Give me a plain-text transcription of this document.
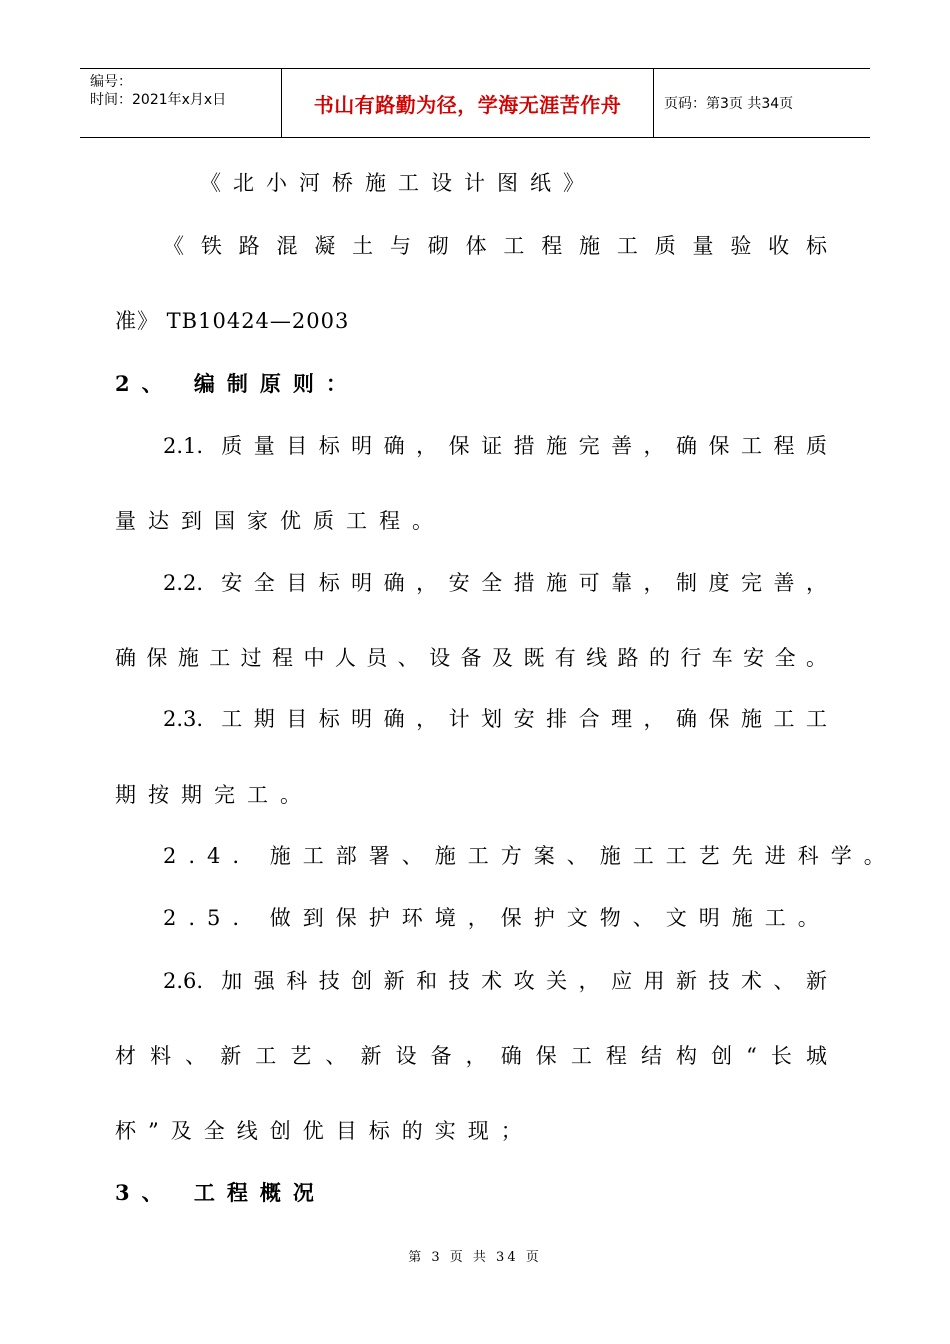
编号：
时间：2021年x月x日	书山有路勤为径，学海无涯苦作舟	页码：第3页 共34页
《北小河桥施工设计图纸》
《铁路混凝土与砌体工程施工质量验收标
准》 TB10424—2003
2、 编制原则：
2.1. 质量目标明确，保证措施完善，确保工程质
量达到国家优质工程。
2.2. 安全目标明确，安全措施可靠，制度完善，
确保施工过程中人员、设备及既有线路的行车安全。
2.3. 工期目标明确，计划安排合理，确保施工工
期按期完工。
2.4. 施工部署、施工方案、施工工艺先进科学。
2.5. 做到保护环境，保护文物、文明施工。
2.6. 加强科技创新和技术攻关，应用新技术、新
材料、新工艺、新设备，确保工程结构创“长城
杯”及全线创优目标的实现；
3、 工程概况
第 3 页 共 34 页
